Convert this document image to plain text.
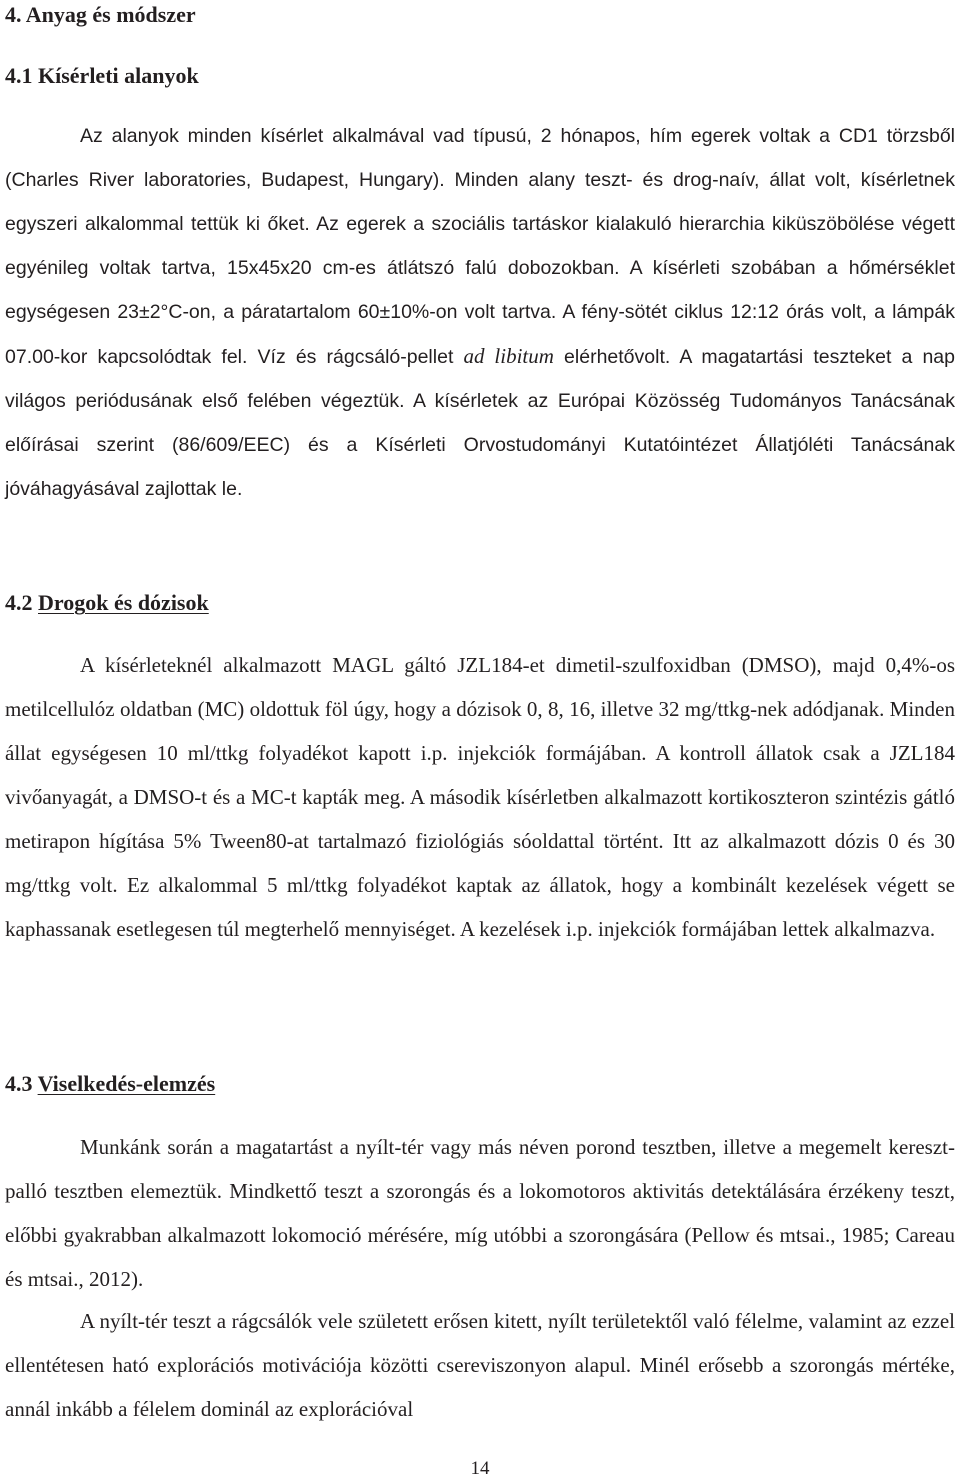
4. Anyag és módszer
4.1 Kísérleti alanyok
Az alanyok minden kísérlet alkalmával vad típusú, 2 hónapos, hím egerek voltak a CD1 törzsből (Charles River laboratories, Budapest, Hungary). Minden alany teszt- és drog-naív, állat volt, kísérletnek egyszeri alkalommal tettük ki őket. Az egerek a szociális tartáskor kialakuló hierarchia kiküszöbölése végett egyénileg voltak tartva, 15x45x20 cm-es átlátszó falú dobozokban. A kísérleti szobában a hőmérséklet egységesen 23±2°C-on, a páratartalom 60±10%-on volt tartva. A fény-sötét ciklus 12:12 órás volt, a lámpák 07.00-kor kapcsolódtak fel. Víz és rágcsáló-pellet ad libitum elérhetővolt. A magatartási teszteket a nap világos periódusának első felében végeztük. A kísérletek az Európai Közösség Tudományos Tanácsának előírásai szerint (86/609/EEC) és a Kísérleti Orvostudományi Kutatóintézet Állatjóléti Tanácsának jóváhagyásával zajlottak le.
4.2 Drogok és dózisok
A kísérleteknél alkalmazott MAGL gáltó JZL184-et dimetil-szulfoxidban (DMSO), majd 0,4%-os metilcellulóz oldatban (MC) oldottuk föl úgy, hogy a dózisok 0, 8, 16, illetve 32 mg/ttkg-nek adódjanak. Minden állat egységesen 10 ml/ttkg folyadékot kapott i.p. injekciók formájában. A kontroll állatok csak a JZL184 vivőanyagát, a DMSO-t és a MC-t kapták meg. A második kísérletben alkalmazott kortikoszteron szintézis gátló metirapon hígítása 5% Tween80-at tartalmazó fiziológiás sóoldattal történt. Itt az alkalmazott dózis 0 és 30 mg/ttkg volt. Ez alkalommal 5 ml/ttkg folyadékot kaptak az állatok, hogy a kombinált kezelések végett se kaphassanak esetlegesen túl megterhelő mennyiséget. A kezelések i.p. injekciók formájában lettek alkalmazva.
4.3 Viselkedés-elemzés
Munkánk során a magatartást a nyílt-tér vagy más néven porond tesztben, illetve a megemelt kereszt-palló tesztben elemeztük. Mindkettő teszt a szorongás és a lokomotoros aktivitás detektálására érzékeny teszt, előbbi gyakrabban alkalmazott lokomoció mérésére, míg utóbbi a szorongására (Pellow és mtsai., 1985; Careau és mtsai., 2012).
A nyílt-tér teszt a rágcsálók vele született erősen kitett, nyílt területektől való félelme, valamint az ezzel ellentétesen ható explorációs motivációja közötti csereviszonyon alapul. Minél erősebb a szorongás mértéke, annál inkább a félelem dominál az explorációval
14
